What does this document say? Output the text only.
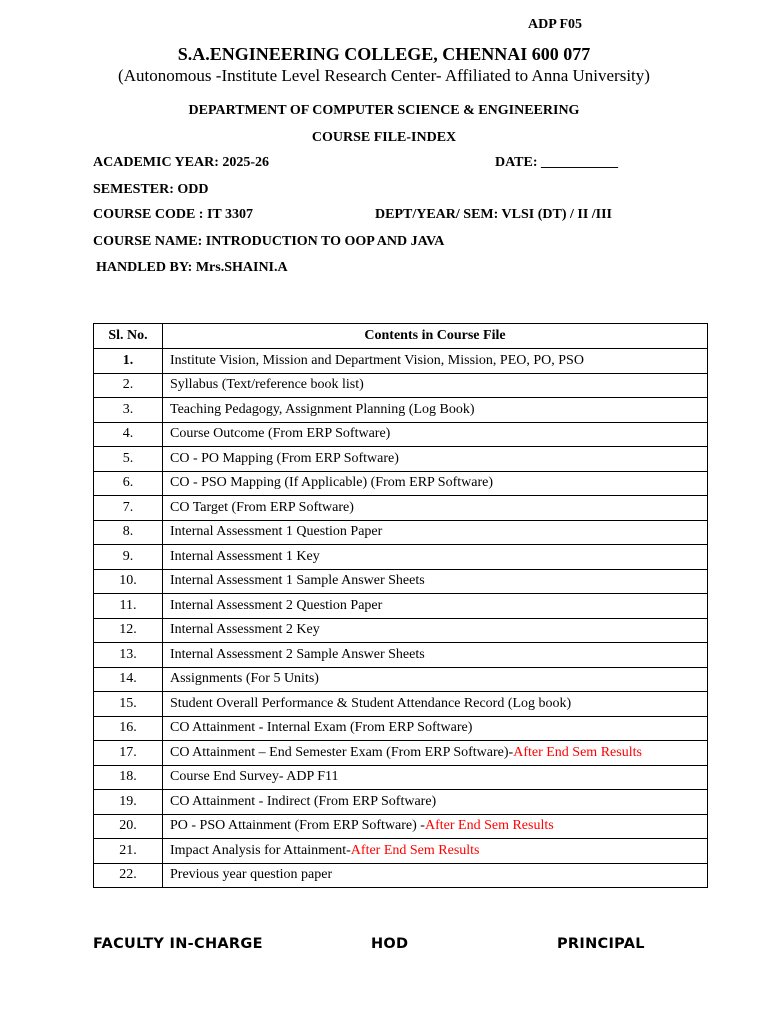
ADP F05
S.A.ENGINEERING COLLEGE, CHENNAI 600 077
(Autonomous -Institute Level Research Center- Affiliated to Anna University)
DEPARTMENT OF COMPUTER SCIENCE & ENGINEERING
COURSE FILE-INDEX
ACADEMIC YEAR: 2025-26	DATE: ___________
SEMESTER: ODD
COURSE CODE : IT 3307	DEPT/YEAR/ SEM: VLSI (DT) / II /III
COURSE NAME: INTRODUCTION TO OOP AND JAVA
HANDLED BY: Mrs.SHAINI.A
Sl. No.	Contents in Course File
1.	Institute Vision, Mission and Department Vision, Mission, PEO, PO, PSO
2.	Syllabus (Text/reference book list)
3.	Teaching Pedagogy, Assignment Planning (Log Book)
4.	Course Outcome (From ERP Software)
5.	CO - PO Mapping (From ERP Software)
6.	CO - PSO Mapping (If Applicable) (From ERP Software)
7.	CO Target (From ERP Software)
8.	Internal Assessment 1 Question Paper
9.	Internal Assessment 1 Key
10.	Internal Assessment 1 Sample Answer Sheets
11.	Internal Assessment 2 Question Paper
12.	Internal Assessment 2 Key
13.	Internal Assessment 2 Sample Answer Sheets
14.	Assignments (For 5 Units)
15.	Student Overall Performance & Student Attendance Record (Log book)
16.	CO Attainment - Internal Exam (From ERP Software)
17.	CO Attainment – End Semester Exam (From ERP Software)-After End Sem Results
18.	Course End Survey- ADP F11
19.	CO Attainment - Indirect (From ERP Software)
20.	PO - PSO Attainment (From ERP Software) -After End Sem Results
21.	Impact Analysis for Attainment-After End Sem Results
22.	Previous year question paper
FACULTY IN-CHARGE	HOD	PRINCIPAL
